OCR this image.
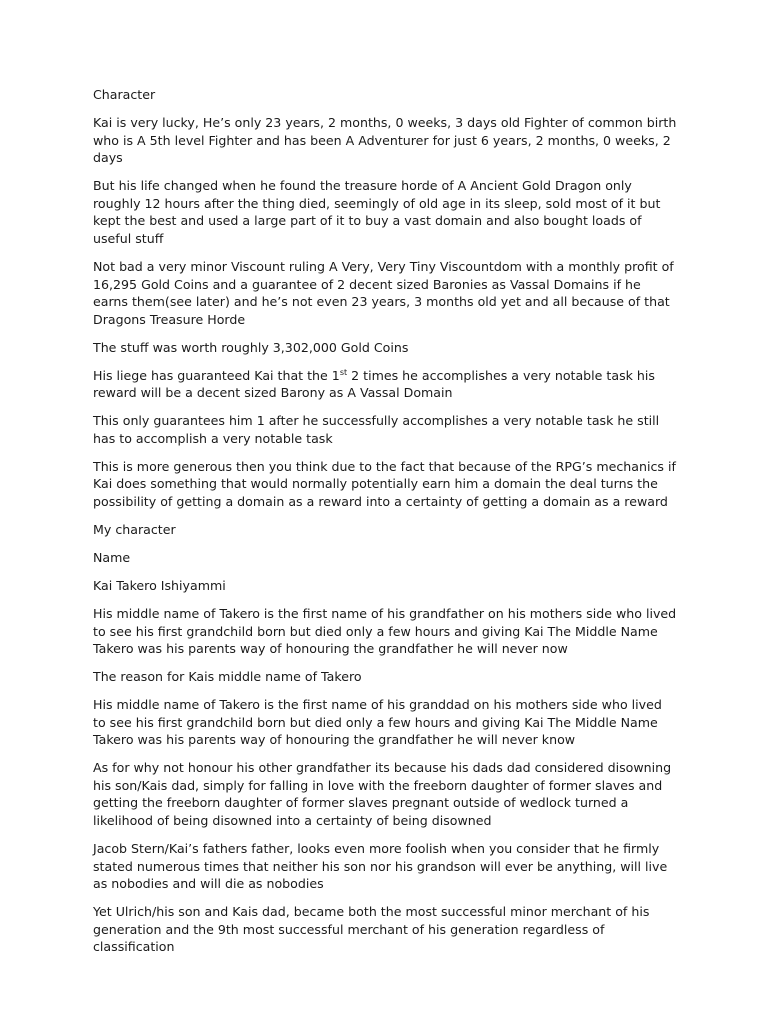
Character

Kai is very lucky, He’s only 23 years, 2 months, 0 weeks, 3 days old Fighter of common birth who is A 5th level Fighter and has been A Adventurer for just 6 years, 2 months, 0 weeks, 2 days

But his life changed when he found the treasure horde of A Ancient Gold Dragon only roughly 12 hours after the thing died, seemingly of old age in its sleep, sold most of it but kept the best and used a large part of it to buy a vast domain and also bought loads of useful stuff

Not bad a very minor Viscount ruling A Very, Very Tiny Viscountdom with a monthly profit of 16,295 Gold Coins and a guarantee of 2 decent sized Baronies as Vassal Domains if he earns them(see later) and he’s not even 23 years, 3 months old yet and all because of that Dragons Treasure Horde

The stuff was worth roughly 3,302,000 Gold Coins

His liege has guaranteed Kai that the 1st 2 times he accomplishes a very notable task his reward will be a decent sized Barony as A Vassal Domain

This only guarantees him 1 after he successfully accomplishes a very notable task he still has to accomplish a very notable task

This is more generous then you think due to the fact that because of the RPG’s mechanics if Kai does something that would normally potentially earn him a domain the deal turns the possibility of getting a domain as a reward into a certainty of getting a domain as a reward

My character

Name

Kai Takero Ishiyammi

His middle name of Takero is the first name of his grandfather on his mothers side who lived to see his first grandchild born but died only a few hours and giving Kai The Middle Name Takero was his parents way of honouring the grandfather he will never now

The reason for Kais middle name of Takero

His middle name of Takero is the first name of his granddad on his mothers side who lived to see his first grandchild born but died only a few hours and giving Kai The Middle Name Takero was his parents way of honouring the grandfather he will never know

As for why not honour his other grandfather its because his dads dad considered disowning his son/Kais dad, simply for falling in love with the freeborn daughter of former slaves and getting the freeborn daughter of former slaves pregnant outside of wedlock turned a likelihood of being disowned into a certainty of being disowned

Jacob Stern/Kai’s fathers father, looks even more foolish when you consider that he firmly stated numerous times that neither his son nor his grandson will ever be anything, will live as nobodies and will die as nobodies

Yet Ulrich/his son and Kais dad, became both the most successful minor merchant of his generation and the 9th most successful merchant of his generation regardless of classification
